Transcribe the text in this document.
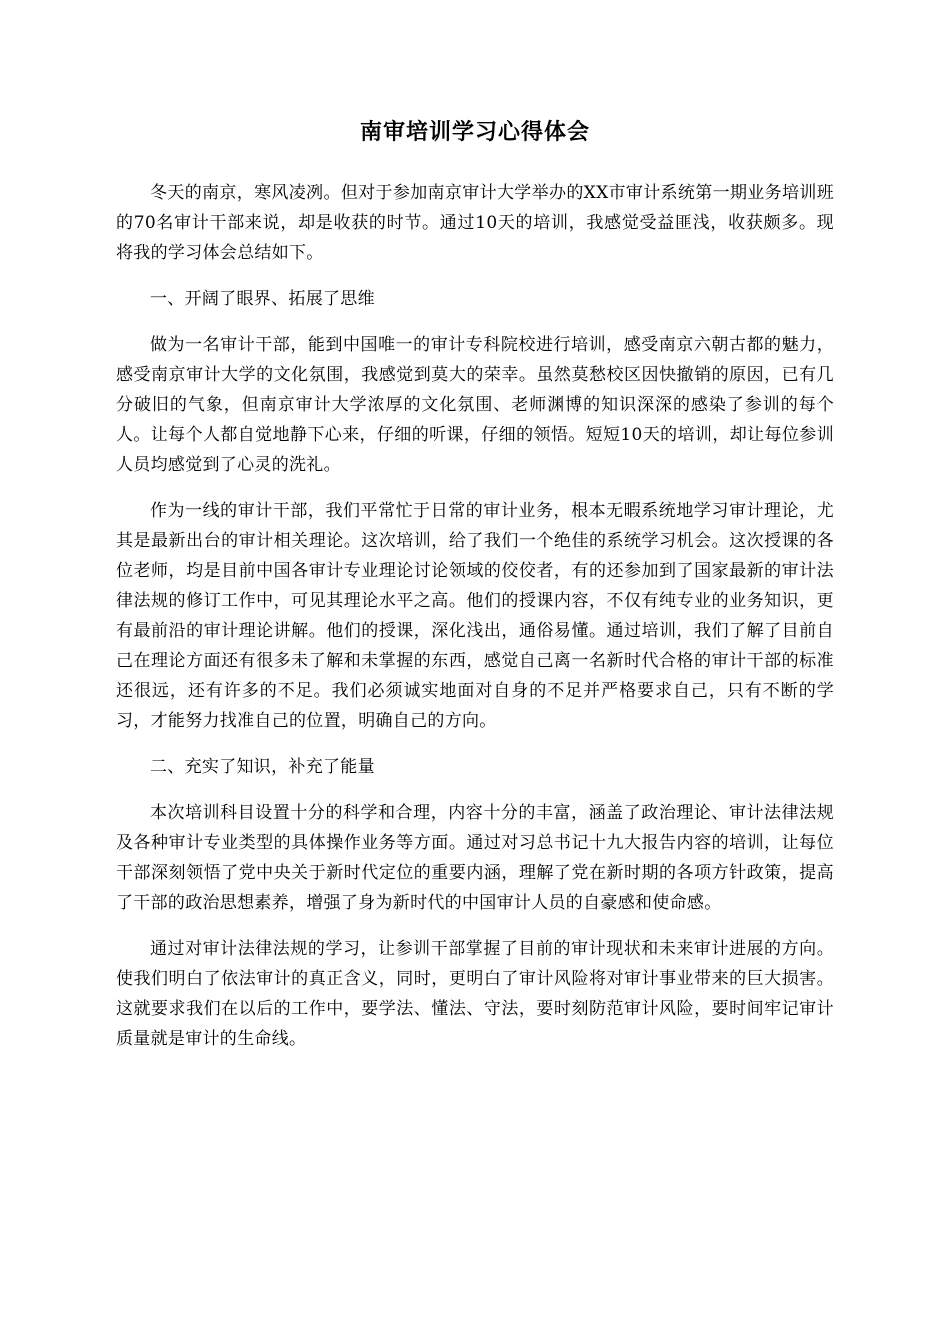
南审培训学习心得体会

冬天的南京，寒风凌冽。但对于参加南京审计大学举办的XX市审计系统第一期业务培训班的70名审计干部来说，却是收获的时节。通过10天的培训，我感觉受益匪浅，收获颇多。现将我的学习体会总结如下。

一、开阔了眼界、拓展了思维

做为一名审计干部，能到中国唯一的审计专科院校进行培训，感受南京六朝古都的魅力，感受南京审计大学的文化氛围，我感觉到莫大的荣幸。虽然莫愁校区因快撤销的原因，已有几分破旧的气象，但南京审计大学浓厚的文化氛围、老师渊博的知识深深的感染了参训的每个人。让每个人都自觉地静下心来，仔细的听课，仔细的领悟。短短10天的培训，却让每位参训人员均感觉到了心灵的洗礼。

作为一线的审计干部，我们平常忙于日常的审计业务，根本无暇系统地学习审计理论，尤其是最新出台的审计相关理论。这次培训，给了我们一个绝佳的系统学习机会。这次授课的各位老师，均是目前中国各审计专业理论讨论领域的佼佼者，有的还参加到了国家最新的审计法律法规的修订工作中，可见其理论水平之高。他们的授课内容，不仅有纯专业的业务知识，更有最前沿的审计理论讲解。他们的授课，深化浅出，通俗易懂。通过培训，我们了解了目前自己在理论方面还有很多未了解和未掌握的东西，感觉自己离一名新时代合格的审计干部的标准还很远，还有许多的不足。我们必须诚实地面对自身的不足并严格要求自己，只有不断的学习，才能努力找准自己的位置，明确自己的方向。

二、充实了知识，补充了能量

本次培训科目设置十分的科学和合理，内容十分的丰富，涵盖了政治理论、审计法律法规及各种审计专业类型的具体操作业务等方面。通过对习总书记十九大报告内容的培训，让每位干部深刻领悟了党中央关于新时代定位的重要内涵，理解了党在新时期的各项方针政策，提高了干部的政治思想素养，增强了身为新时代的中国审计人员的自豪感和使命感。

通过对审计法律法规的学习，让参训干部掌握了目前的审计现状和未来审计进展的方向。使我们明白了依法审计的真正含义，同时，更明白了审计风险将对审计事业带来的巨大损害。这就要求我们在以后的工作中，要学法、懂法、守法，要时刻防范审计风险，要时间牢记审计质量就是审计的生命线。
